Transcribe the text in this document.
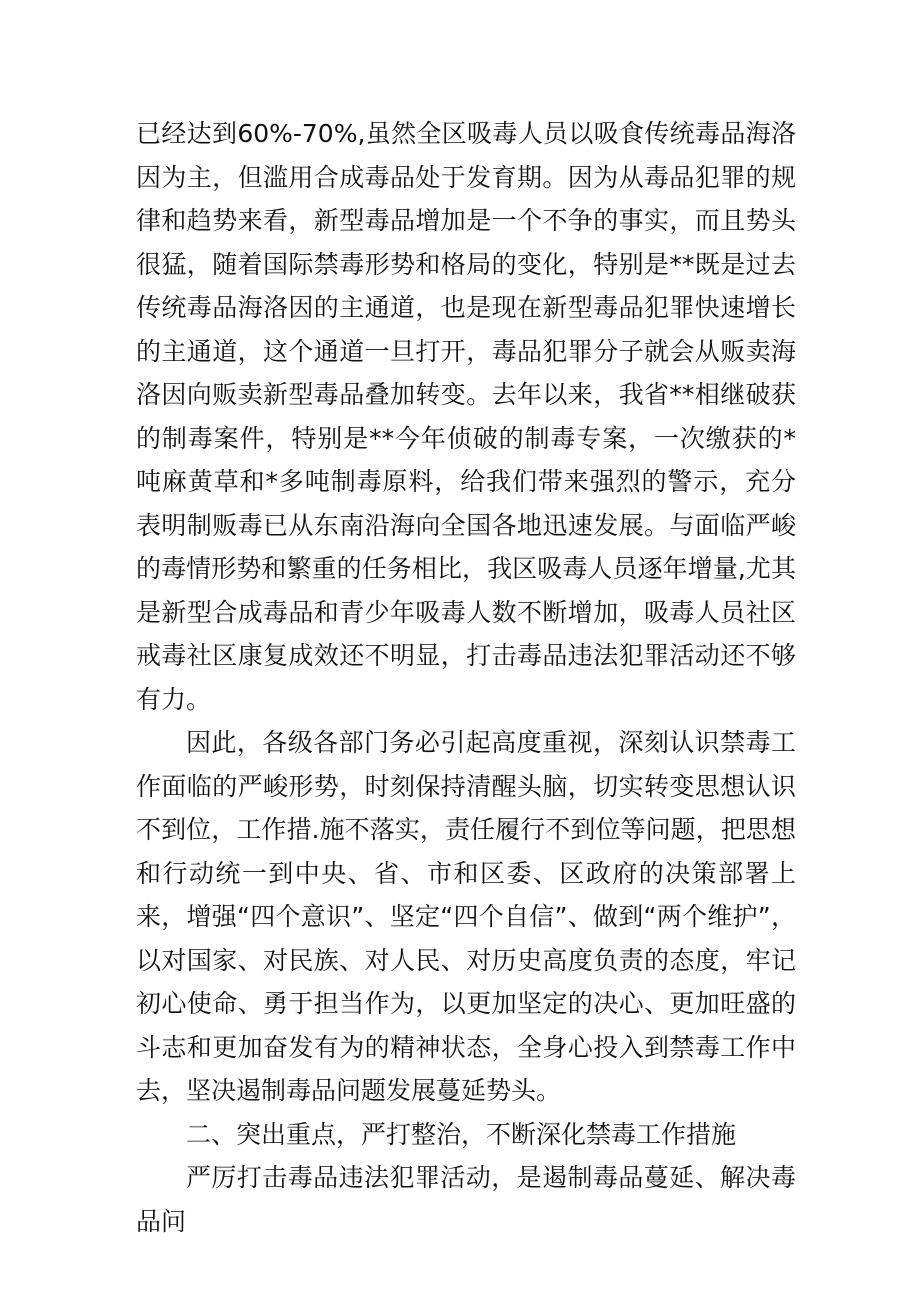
已经达到60%-70%,虽然全区吸毒人员以吸食传统毒品海洛因为主，但滥用合成毒品处于发育期。因为从毒品犯罪的规律和趋势来看，新型毒品增加是一个不争的事实，而且势头很猛，随着国际禁毒形势和格局的变化，特别是**既是过去传统毒品海洛因的主通道，也是现在新型毒品犯罪快速增长的主通道，这个通道一旦打开，毒品犯罪分子就会从贩卖海洛因向贩卖新型毒品叠加转变。去年以来，我省**相继破获的制毒案件，特别是**今年侦破的制毒专案，一次缴获的*吨麻黄草和*多吨制毒原料，给我们带来强烈的警示，充分表明制贩毒已从东南沿海向全国各地迅速发展。与面临严峻的毒情形势和繁重的任务相比，我区吸毒人员逐年增量,尤其是新型合成毒品和青少年吸毒人数不断增加，吸毒人员社区戒毒社区康复成效还不明显，打击毒品违法犯罪活动还不够有力。

因此，各级各部门务必引起高度重视，深刻认识禁毒工作面临的严峻形势，时刻保持清醒头脑，切实转变思想认识不到位，工作措.施不落实，责任履行不到位等问题，把思想和行动统一到中央、省、市和区委、区政府的决策部署上来，增强“四个意识”、坚定“四个自信”、做到“两个维护”，以对国家、对民族、对人民、对历史高度负责的态度，牢记初心使命、勇于担当作为，以更加坚定的决心、更加旺盛的斗志和更加奋发有为的精神状态，全身心投入到禁毒工作中去，坚决遏制毒品问题发展蔓延势头。

二、突出重点，严打整治，不断深化禁毒工作措施

严厉打击毒品违法犯罪活动，是遏制毒品蔓延、解决毒品问
